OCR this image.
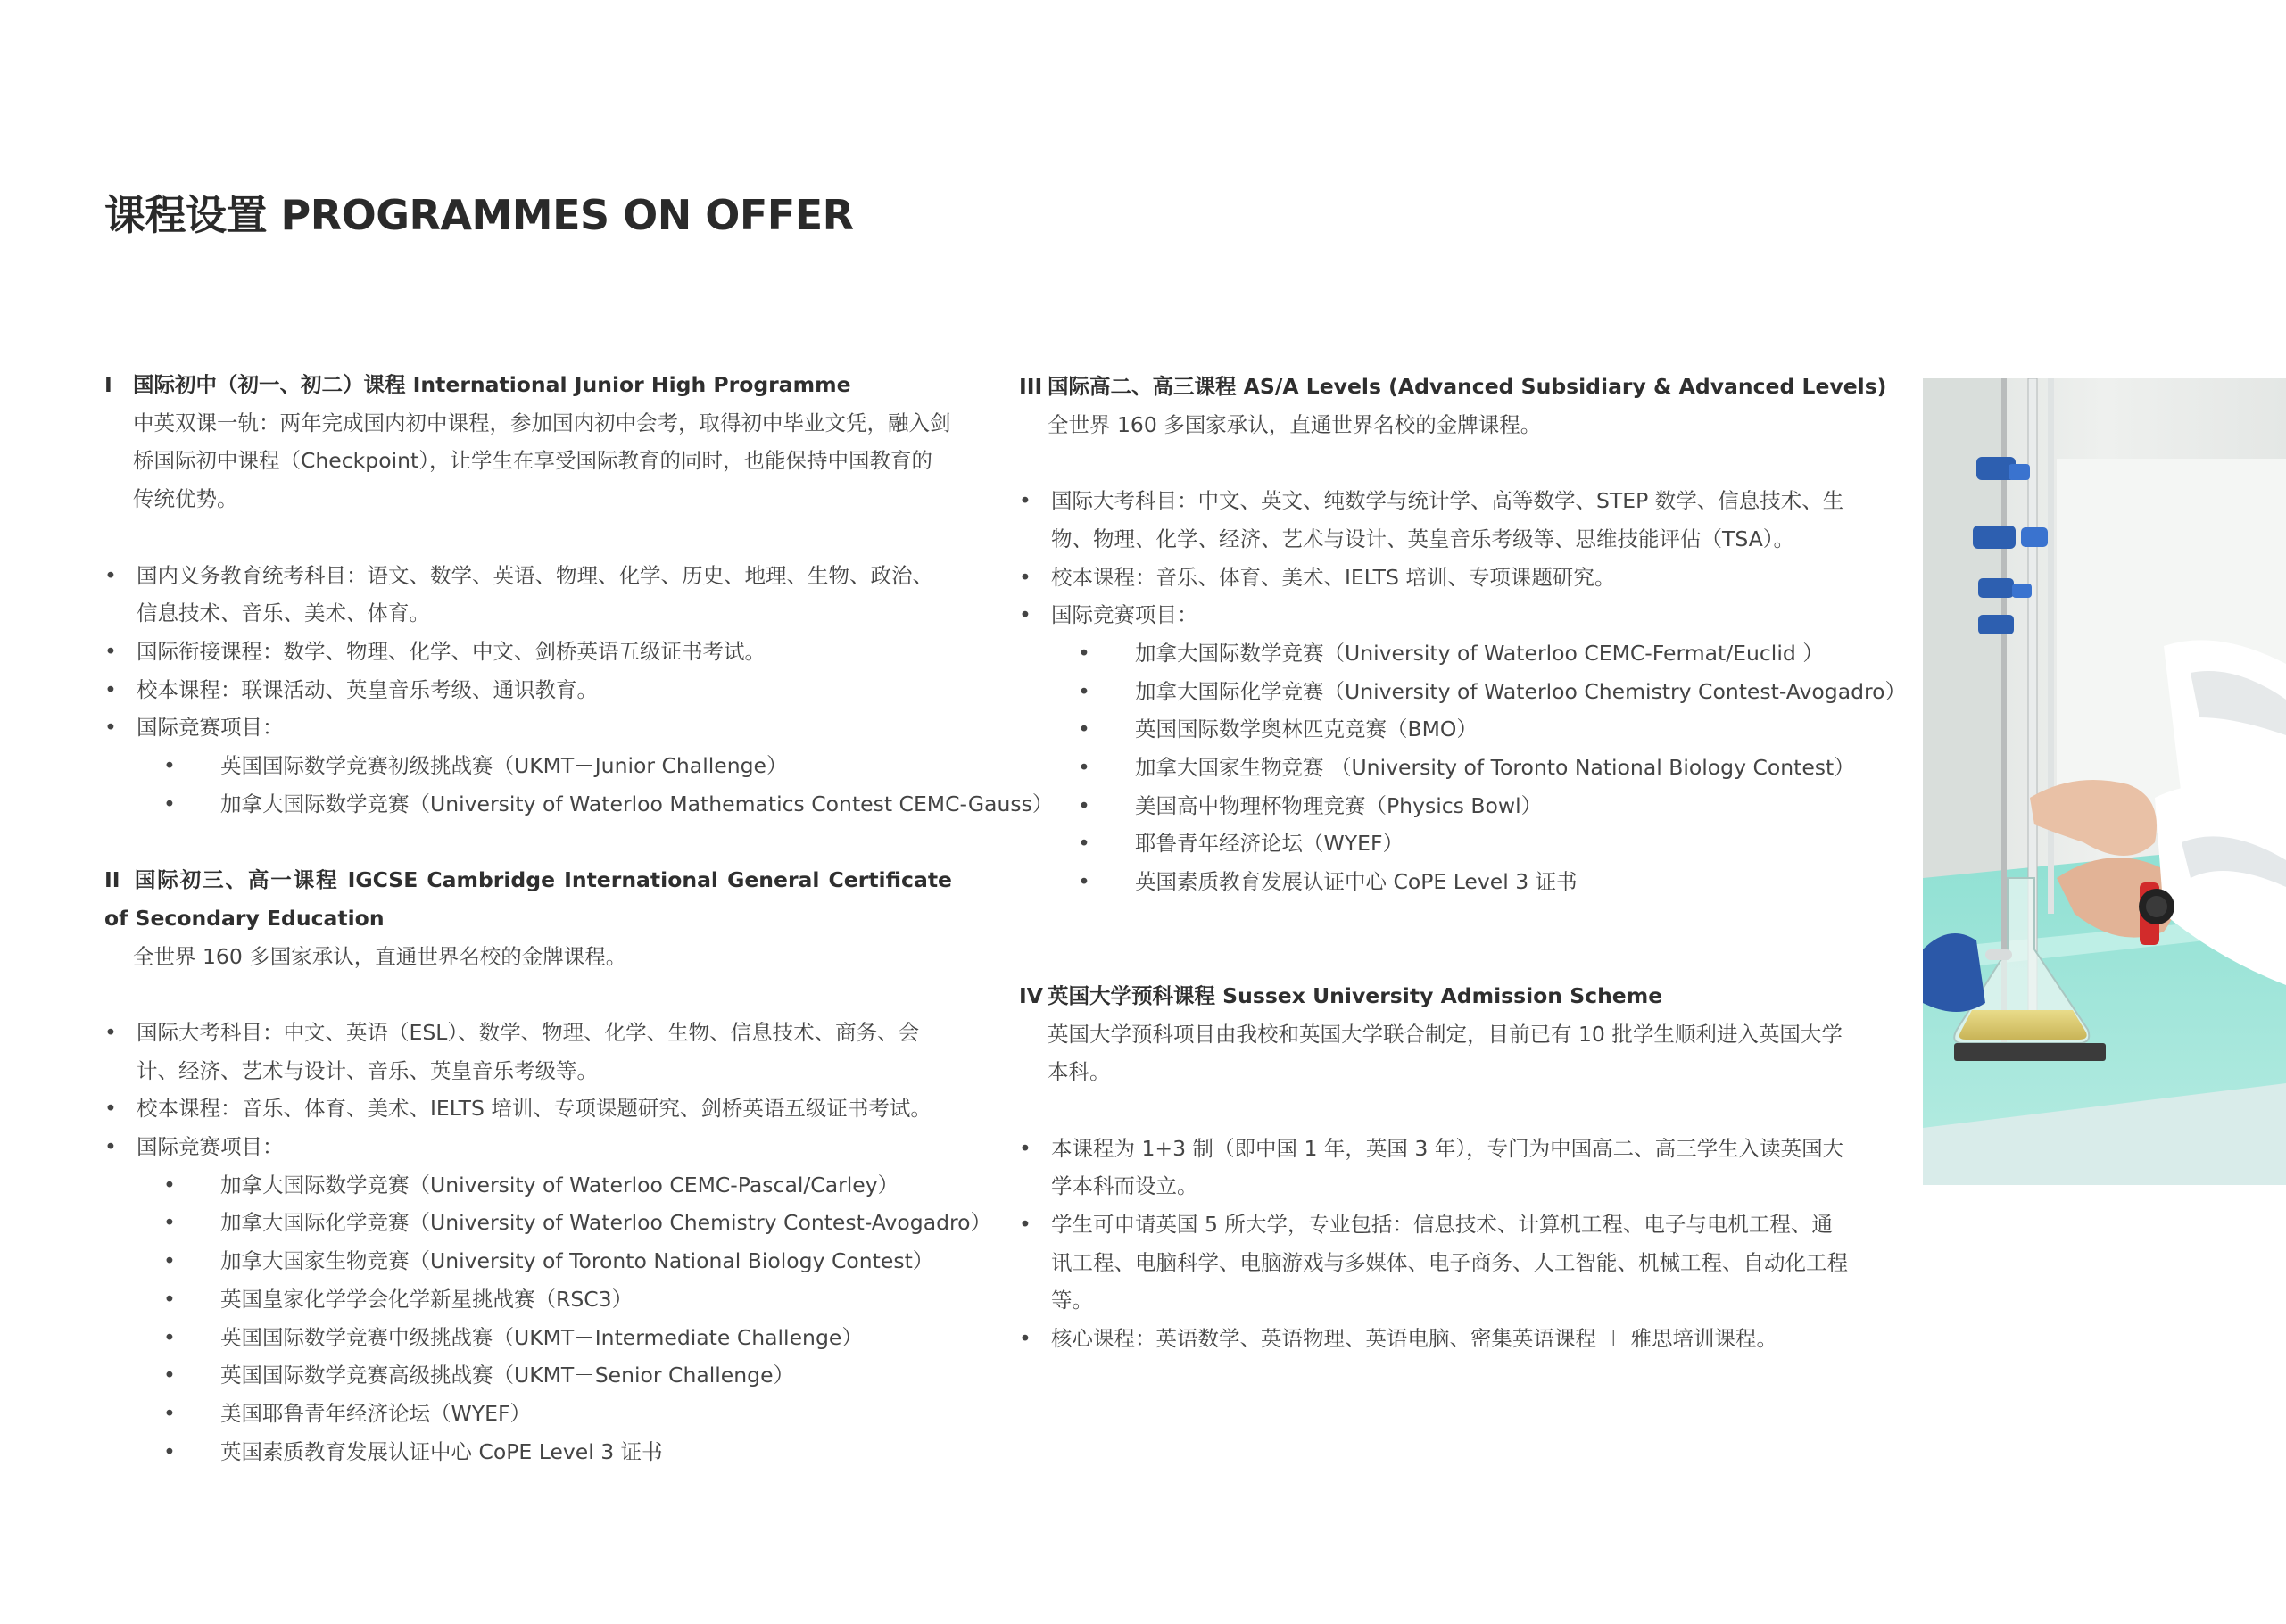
课程设置 PROGRAMMES ON OFFER
I 国际初中（初一、初二）课程 International Junior High Programme

中英双课一轨：两年完成国内初中课程，参加国内初中会考，取得初中毕业文凭，融入剑桥国际初中课程（Checkpoint），让学生在享受国际教育的同时，也能保持中国教育的传统优势。

• 国内义务教育统考科目：语文、数学、英语、物理、化学、历史、地理、生物、政治、信息技术、音乐、美术、体育。
• 国际衔接课程：数学、物理、化学、中文、剑桥英语五级证书考试。
• 校本课程：联课活动、英皇音乐考级、通识教育。
• 国际竞赛项目：
• 英国国际数学竞赛初级挑战赛（UKMT－Junior Challenge）
• 加拿大国际数学竞赛（University of Waterloo Mathematics Contest CEMC-Gauss）
II 国际初三、高一课程 IGCSE Cambridge International General Certificate of Secondary Education

全世界 160 多国家承认，直通世界名校的金牌课程。

• 国际大考科目：中文、英语（ESL）、数学、物理、化学、生物、信息技术、商务、会计、经济、艺术与设计、音乐、英皇音乐考级等。
• 校本课程：音乐、体育、美术、IELTS 培训、专项课题研究、剑桥英语五级证书考试。
• 国际竞赛项目：
• 加拿大国际数学竞赛（University of Waterloo CEMC-Pascal/Carley）
• 加拿大国际化学竞赛（University of Waterloo Chemistry Contest-Avogadro）
• 加拿大国家生物竞赛（University of Toronto National Biology Contest）
• 英国皇家化学学会化学新星挑战赛（RSC3）
• 英国国际数学竞赛中级挑战赛（UKMT－Intermediate Challenge）
• 英国国际数学竞赛高级挑战赛（UKMT－Senior Challenge）
• 美国耶鲁青年经济论坛（WYEF）
• 英国素质教育发展认证中心 CoPE Level 3 证书
III 国际高二、高三课程 AS/A Levels (Advanced Subsidiary & Advanced Levels)

全世界 160 多国家承认，直通世界名校的金牌课程。

• 国际大考科目：中文、英文、纯数学与统计学、高等数学、STEP 数学、信息技术、生物、物理、化学、经济、艺术与设计、英皇音乐考级等、思维技能评估（TSA）。
• 校本课程：音乐、体育、美术、IELTS 培训、专项课题研究。
• 国际竞赛项目：
• 加拿大国际数学竞赛（University of Waterloo CEMC-Fermat/Euclid ）
• 加拿大国际化学竞赛（University of Waterloo Chemistry Contest-Avogadro）
• 英国国际数学奥林匹克竞赛（BMO）
• 加拿大国家生物竞赛 （University of Toronto National Biology Contest）
• 美国高中物理杯物理竞赛（Physics Bowl）
• 耶鲁青年经济论坛（WYEF）
• 英国素质教育发展认证中心 CoPE Level 3 证书
IV 英国大学预科课程 Sussex University Admission Scheme

英国大学预科项目由我校和英国大学联合制定，目前已有 10 批学生顺利进入英国大学本科。

• 本课程为 1+3 制（即中国 1 年，英国 3 年），专门为中国高二、高三学生入读英国大学本科而设立。
• 学生可申请英国 5 所大学，专业包括：信息技术、计算机工程、电子与电机工程、通讯工程、电脑科学、电脑游戏与多媒体、电子商务、人工智能、机械工程、自动化工程等。
• 核心课程：英语数学、英语物理、英语电脑、密集英语课程 ＋ 雅思培训课程。
